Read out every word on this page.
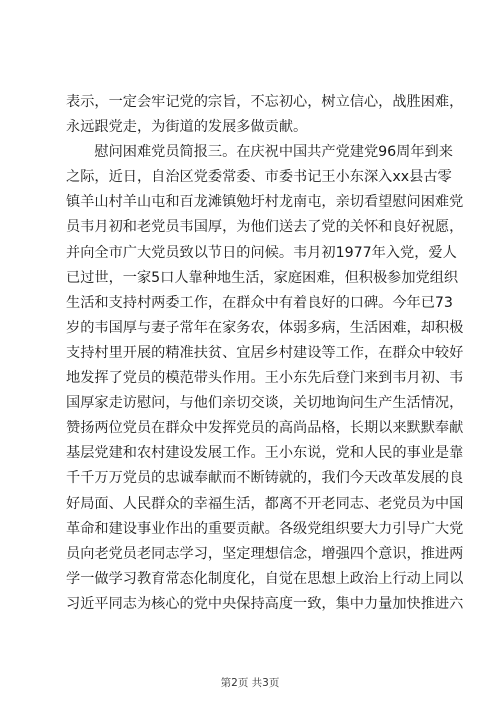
表示，一定会牢记党的宗旨，不忘初心，树立信心，战胜困难，
永远跟党走，为街道的发展多做贡献。
　　慰问困难党员简报三。在庆祝中国共产党建党96周年到来
之际，近日，自治区党委常委、市委书记王小东深入xx县古零
镇羊山村羊山屯和百龙滩镇勉圩村龙南屯，亲切看望慰问困难党
员韦月初和老党员韦国厚，为他们送去了党的关怀和良好祝愿，
并向全市广大党员致以节日的问候。韦月初1977年入党，爱人
已过世，一家5口人靠种地生活，家庭困难，但积极参加党组织
生活和支持村两委工作，在群众中有着良好的口碑。今年已73
岁的韦国厚与妻子常年在家务农，体弱多病，生活困难，却积极
支持村里开展的精准扶贫、宜居乡村建设等工作，在群众中较好
地发挥了党员的模范带头作用。王小东先后登门来到韦月初、韦
国厚家走访慰问，与他们亲切交谈，关切地询问生产生活情况，
赞扬两位党员在群众中发挥党员的高尚品格，长期以来默默奉献
基层党建和农村建设发展工作。王小东说，党和人民的事业是靠
千千万万党员的忠诚奉献而不断铸就的，我们今天改革发展的良
好局面、人民群众的幸福生活，都离不开老同志、老党员为中国
革命和建设事业作出的重要贡献。各级党组织要大力引导广大党
员向老党员老同志学习，坚定理想信念，增强四个意识，推进两
学一做学习教育常态化制度化，自觉在思想上政治上行动上同以
习近平同志为核心的党中央保持高度一致，集中力量加快推进六
第2页 共3页
